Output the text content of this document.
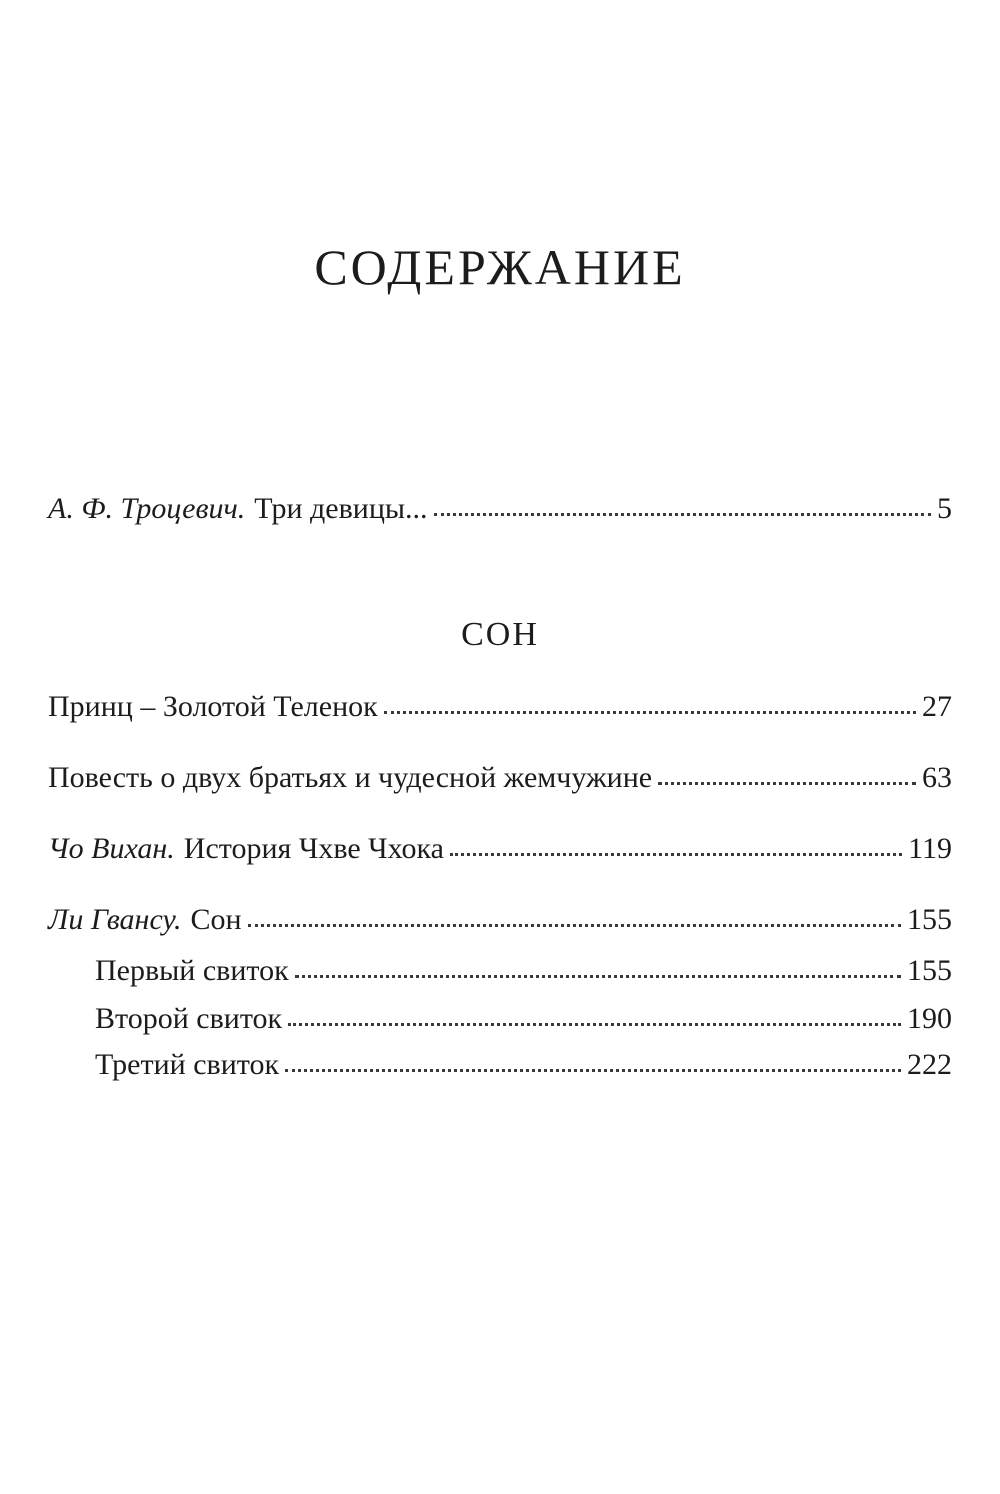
СОДЕРЖАНИЕ
А. Ф. Троцевич. Три девицы...	5
СОН
Принц – Золотой Теленок	27
Повесть о двух братьях и чудесной жемчужине	63
Чо Вихан. История Чхве Чхока	119
Ли Гвансу. Сон	155
Первый свиток	155
Второй свиток	190
Третий свиток	222
